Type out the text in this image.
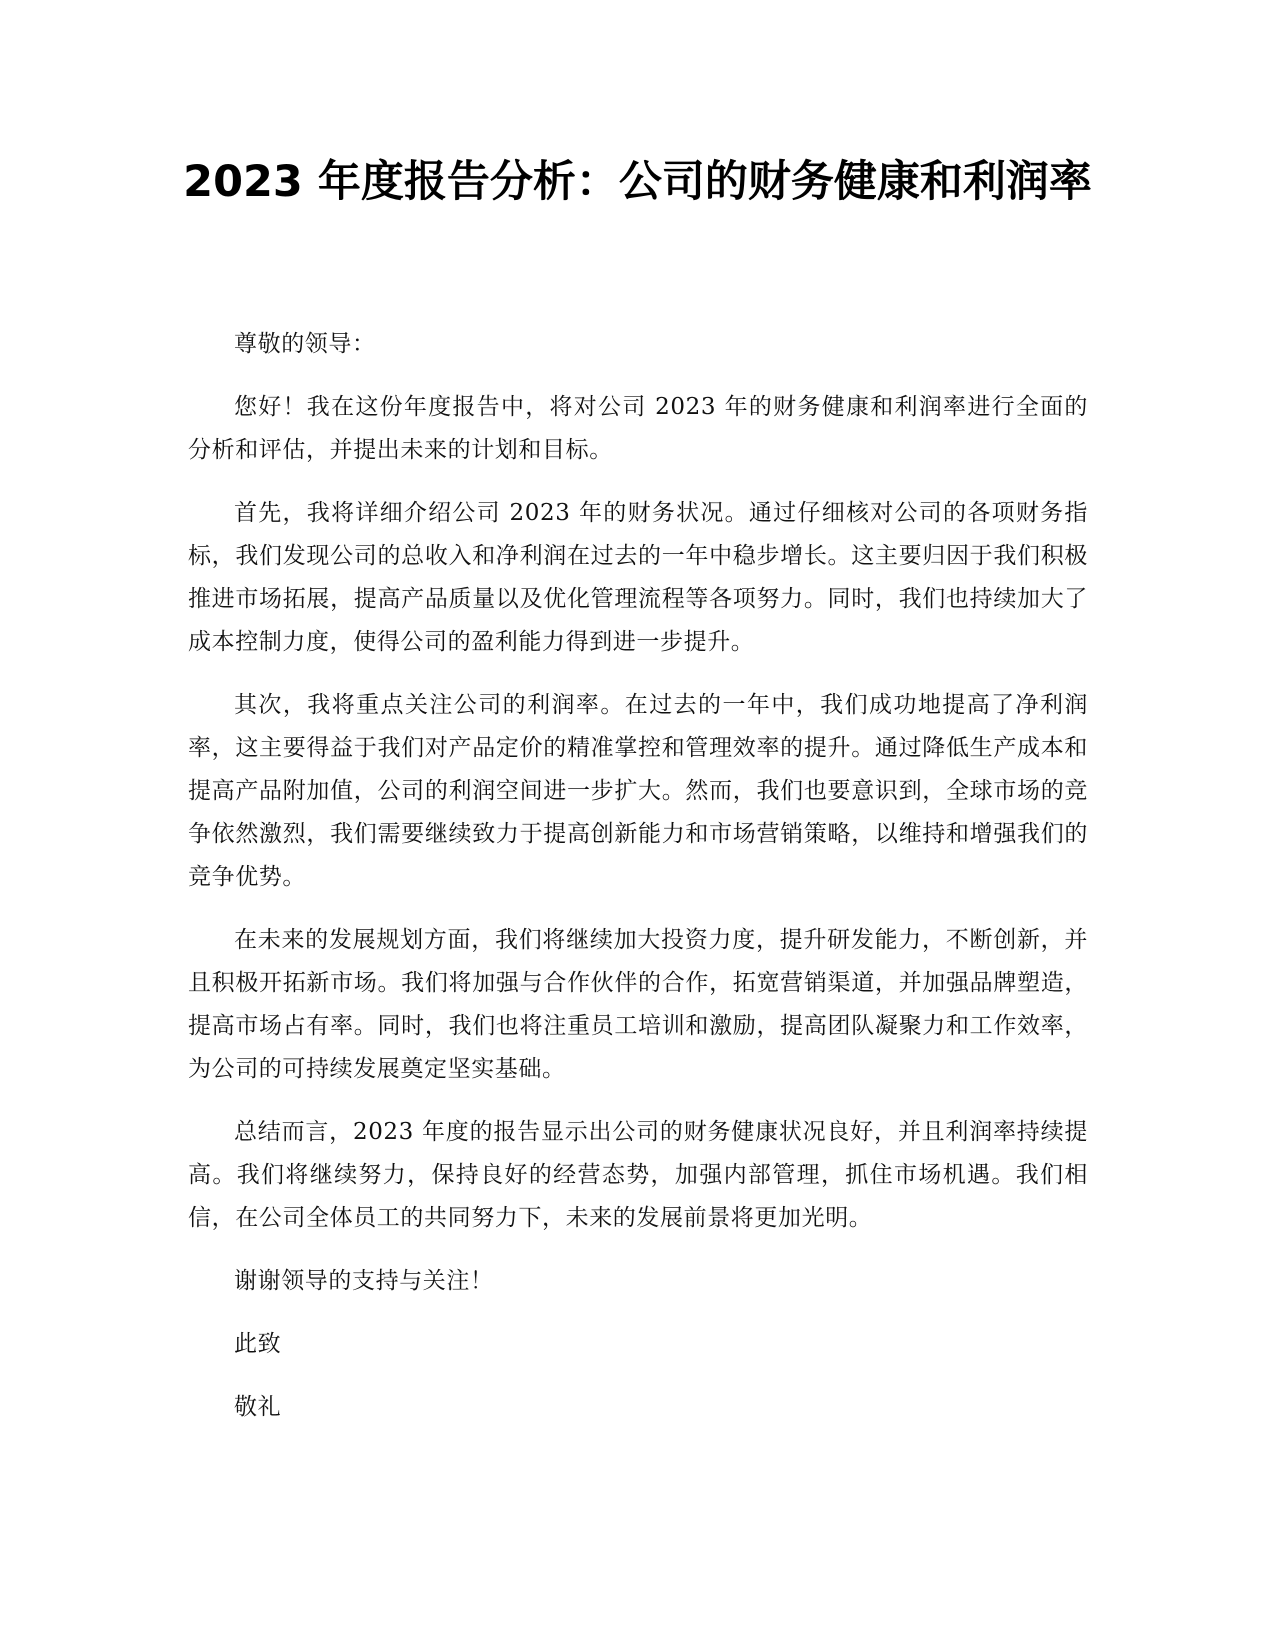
2023 年度报告分析：公司的财务健康和利润率

尊敬的领导：

您好！我在这份年度报告中，将对公司 2023 年的财务健康和利润率进行全面的分析和评估，并提出未来的计划和目标。

首先，我将详细介绍公司 2023 年的财务状况。通过仔细核对公司的各项财务指标，我们发现公司的总收入和净利润在过去的一年中稳步增长。这主要归因于我们积极推进市场拓展，提高产品质量以及优化管理流程等各项努力。同时，我们也持续加大了成本控制力度，使得公司的盈利能力得到进一步提升。

其次，我将重点关注公司的利润率。在过去的一年中，我们成功地提高了净利润率，这主要得益于我们对产品定价的精准掌控和管理效率的提升。通过降低生产成本和提高产品附加值，公司的利润空间进一步扩大。然而，我们也要意识到，全球市场的竞争依然激烈，我们需要继续致力于提高创新能力和市场营销策略，以维持和增强我们的竞争优势。

在未来的发展规划方面，我们将继续加大投资力度，提升研发能力，不断创新，并且积极开拓新市场。我们将加强与合作伙伴的合作，拓宽营销渠道，并加强品牌塑造，提高市场占有率。同时，我们也将注重员工培训和激励，提高团队凝聚力和工作效率，为公司的可持续发展奠定坚实基础。

总结而言，2023 年度的报告显示出公司的财务健康状况良好，并且利润率持续提高。我们将继续努力，保持良好的经营态势，加强内部管理，抓住市场机遇。我们相信，在公司全体员工的共同努力下，未来的发展前景将更加光明。

谢谢领导的支持与关注！

此致

敬礼
